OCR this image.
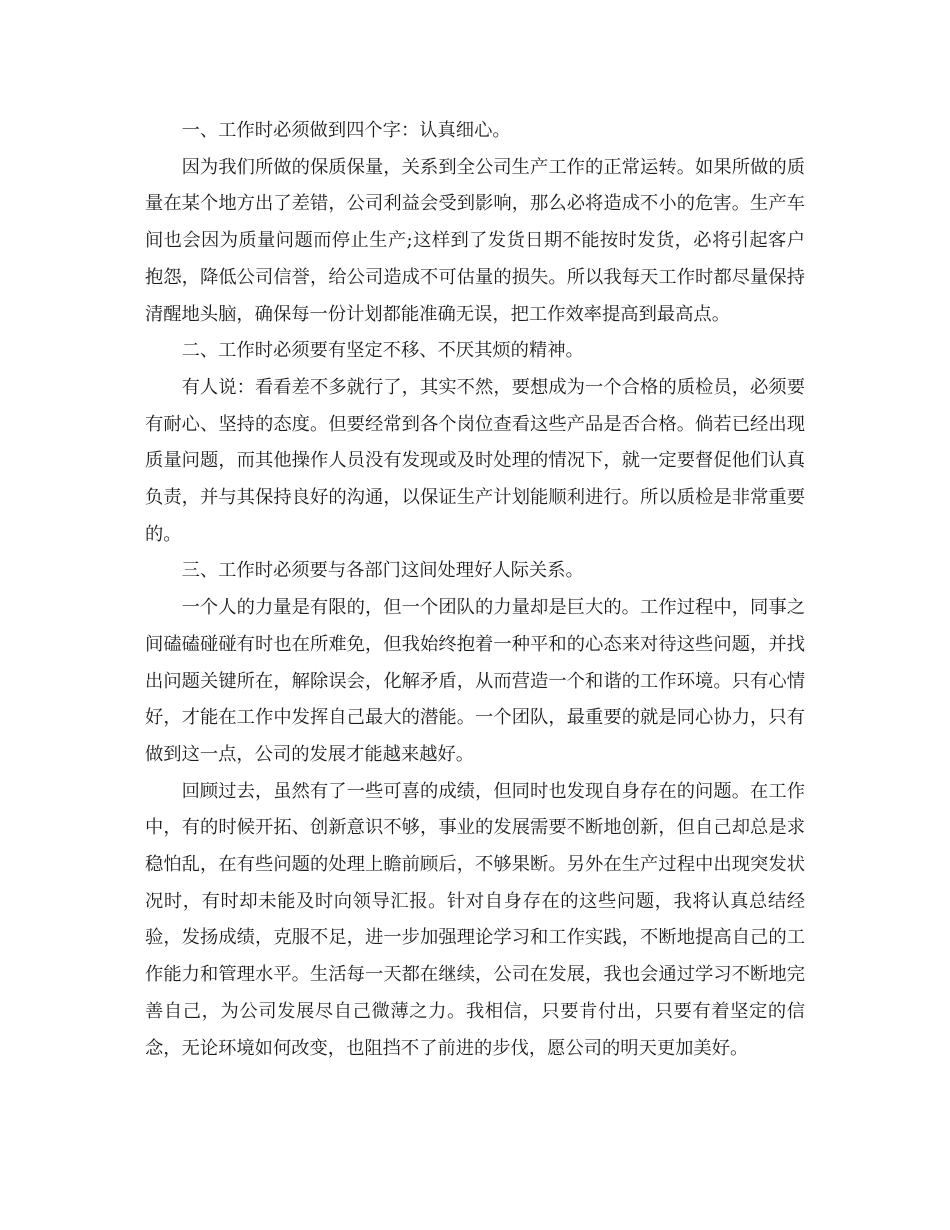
一、工作时必须做到四个字：认真细心。

因为我们所做的保质保量，关系到全公司生产工作的正常运转。如果所做的质量在某个地方出了差错，公司利益会受到影响，那么必将造成不小的危害。生产车间也会因为质量问题而停止生产;这样到了发货日期不能按时发货，必将引起客户抱怨，降低公司信誉，给公司造成不可估量的损失。所以我每天工作时都尽量保持清醒地头脑，确保每一份计划都能准确无误，把工作效率提高到最高点。

二、工作时必须要有坚定不移、不厌其烦的精神。

有人说：看看差不多就行了，其实不然，要想成为一个合格的质检员，必须要有耐心、坚持的态度。但要经常到各个岗位查看这些产品是否合格。倘若已经出现质量问题，而其他操作人员没有发现或及时处理的情况下，就一定要督促他们认真负责，并与其保持良好的沟通，以保证生产计划能顺利进行。所以质检是非常重要的。

三、工作时必须要与各部门这间处理好人际关系。

一个人的力量是有限的，但一个团队的力量却是巨大的。工作过程中，同事之间磕磕碰碰有时也在所难免，但我始终抱着一种平和的心态来对待这些问题，并找出问题关键所在，解除误会，化解矛盾，从而营造一个和谐的工作环境。只有心情好，才能在工作中发挥自己最大的潜能。一个团队，最重要的就是同心协力，只有做到这一点，公司的发展才能越来越好。

回顾过去，虽然有了一些可喜的成绩，但同时也发现自身存在的问题。在工作中，有的时候开拓、创新意识不够，事业的发展需要不断地创新，但自己却总是求稳怕乱，在有些问题的处理上瞻前顾后，不够果断。另外在生产过程中出现突发状况时，有时却未能及时向领导汇报。针对自身存在的这些问题，我将认真总结经验，发扬成绩，克服不足，进一步加强理论学习和工作实践，不断地提高自己的工作能力和管理水平。生活每一天都在继续，公司在发展，我也会通过学习不断地完善自己，为公司发展尽自己微薄之力。我相信，只要肯付出，只要有着坚定的信念，无论环境如何改变，也阻挡不了前进的步伐，愿公司的明天更加美好。
